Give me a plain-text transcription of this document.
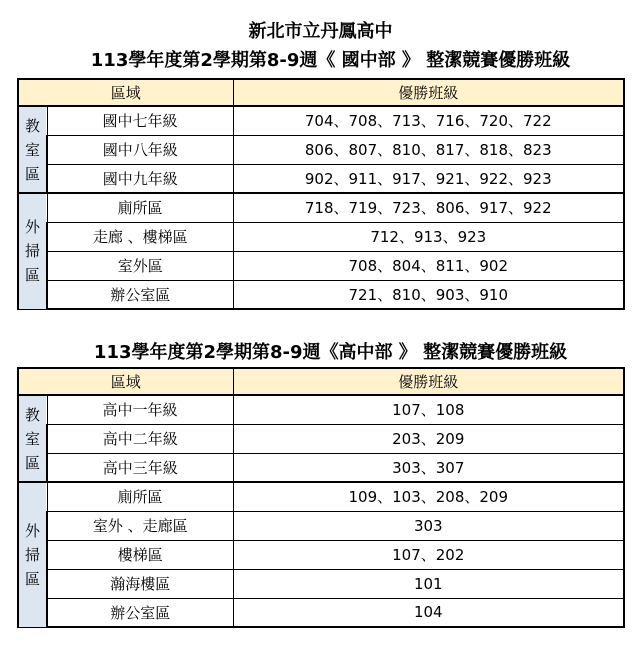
新北市立丹鳳高中
113學年度第2學期第8-9週《 國中部 》 整潔競賽優勝班級
區域		優勝班級
教室區	國中七年級	704、708、713、716、720、722
	國中八年級	806、807、810、817、818、823
	國中九年級	902、911、917、921、922、923
外掃區	廁所區	718、719、723、806、917、922
	走廊 、樓梯區	712、913、923
	室外區	708、804、811、902
	辦公室區	721、810、903、910
113學年度第2學期第8-9週《高中部 》 整潔競賽優勝班級
區域		優勝班級
教室區	高中一年級	107、108
	高中二年級	203、209
	高中三年級	303、307
外掃區	廁所區	109、103、208、209
	室外 、走廊區	303
	樓梯區	107、202
	瀚海樓區	101
	辦公室區	104
